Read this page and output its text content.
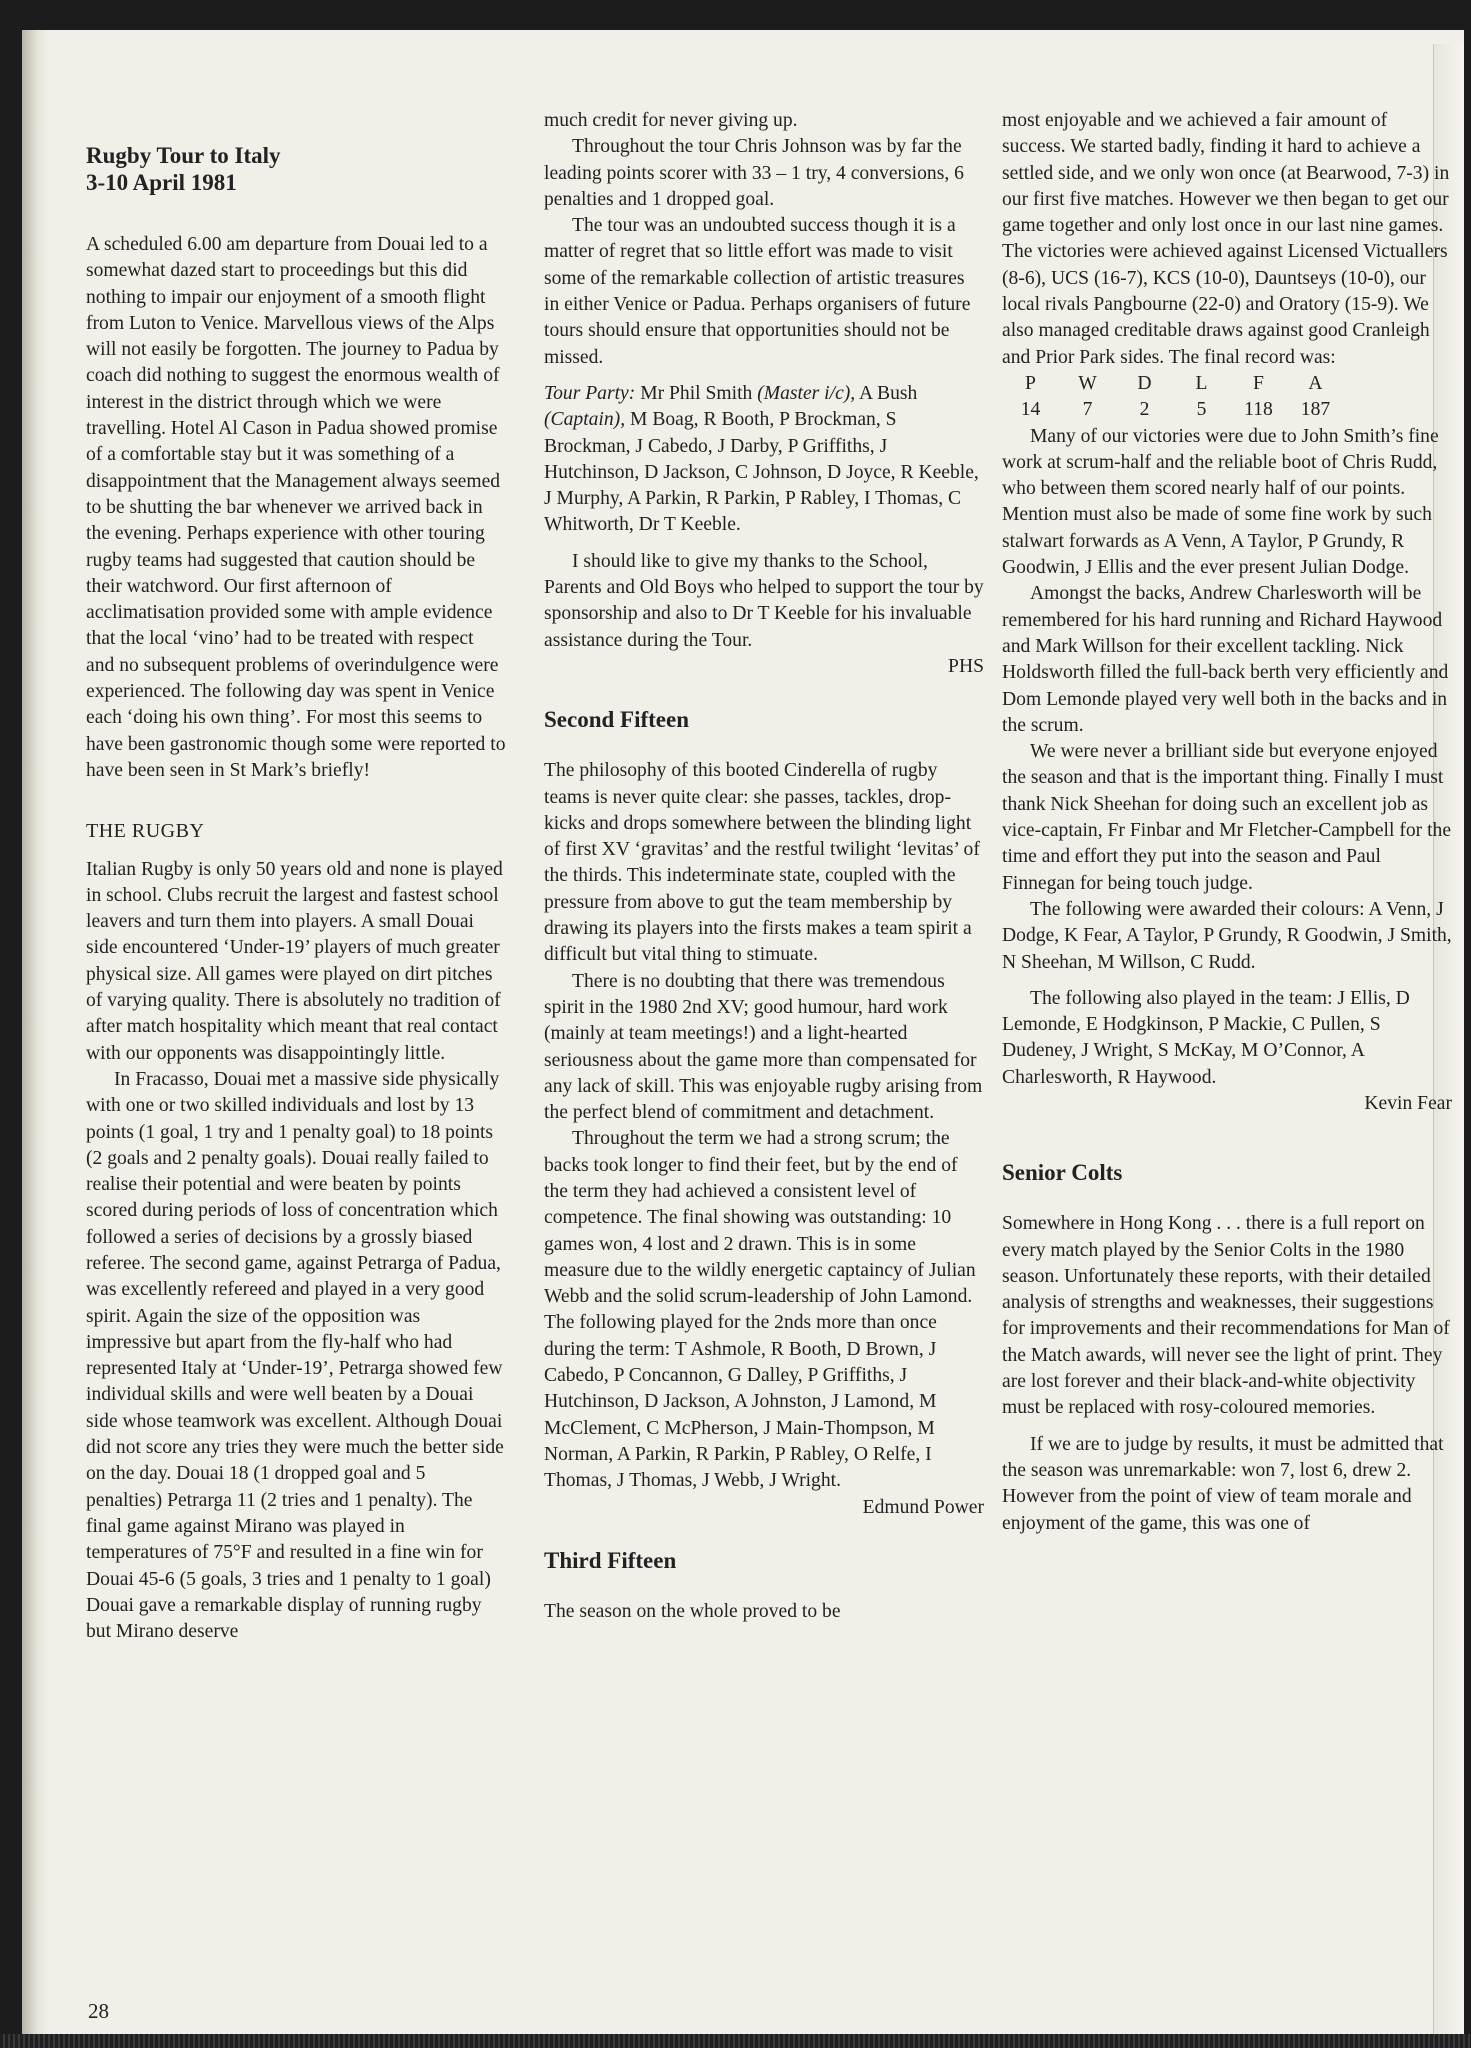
Rugby Tour to Italy
3-10 April 1981

A scheduled 6.00 am departure from Douai led to a somewhat dazed start to proceedings but this did nothing to impair our enjoyment of a smooth flight from Luton to Venice. Marvellous views of the Alps will not easily be forgotten. The journey to Padua by coach did nothing to suggest the enormous wealth of interest in the district through which we were travelling. Hotel Al Cason in Padua showed promise of a comfortable stay but it was something of a disappointment that the Management always seemed to be shutting the bar whenever we arrived back in the evening. Perhaps experience with other touring rugby teams had suggested that caution should be their watchword. Our first afternoon of acclimatisation provided some with ample evidence that the local ‘vino’ had to be treated with respect and no subsequent problems of overindulgence were experienced. The following day was spent in Venice each ‘doing his own thing’. For most this seems to have been gastronomic though some were reported to have been seen in St Mark’s briefly!

THE RUGBY

Italian Rugby is only 50 years old and none is played in school. Clubs recruit the largest and fastest school leavers and turn them into players. A small Douai side encountered ‘Under-19’ players of much greater physical size. All games were played on dirt pitches of varying quality. There is absolutely no tradition of after match hospitality which meant that real contact with our opponents was disappointingly little.

In Fracasso, Douai met a massive side physically with one or two skilled individuals and lost by 13 points (1 goal, 1 try and 1 penalty goal) to 18 points (2 goals and 2 penalty goals). Douai really failed to realise their potential and were beaten by points scored during periods of loss of concentration which followed a series of decisions by a grossly biased referee. The second game, against Petrarga of Padua, was excellently refereed and played in a very good spirit. Again the size of the opposition was impressive but apart from the fly-half who had represented Italy at ‘Under-19’, Petrarga showed few individual skills and were well beaten by a Douai side whose teamwork was excellent. Although Douai did not score any tries they were much the better side on the day. Douai 18 (1 dropped goal and 5 penalties) Petrarga 11 (2 tries and 1 penalty). The final game against Mirano was played in temperatures of 75°F and resulted in a fine win for Douai 45-6 (5 goals, 3 tries and 1 penalty to 1 goal) Douai gave a remarkable display of running rugby but Mirano deserve

much credit for never giving up.

Throughout the tour Chris Johnson was by far the leading points scorer with 33 – 1 try, 4 conversions, 6 penalties and 1 dropped goal.

The tour was an undoubted success though it is a matter of regret that so little effort was made to visit some of the remarkable collection of artistic treasures in either Venice or Padua. Perhaps organisers of future tours should ensure that opportunities should not be missed.

Tour Party: Mr Phil Smith (Master i/c), A Bush (Captain), M Boag, R Booth, P Brockman, S Brockman, J Cabedo, J Darby, P Griffiths, J Hutchinson, D Jackson, C Johnson, D Joyce, R Keeble, J Murphy, A Parkin, R Parkin, P Rabley, I Thomas, C Whitworth, Dr T Keeble.

I should like to give my thanks to the School, Parents and Old Boys who helped to support the tour by sponsorship and also to Dr T Keeble for his invaluable assistance during the Tour.

PHS

Second Fifteen

The philosophy of this booted Cinderella of rugby teams is never quite clear: she passes, tackles, drop-kicks and drops somewhere between the blinding light of first XV ‘gravitas’ and the restful twilight ‘levitas’ of the thirds. This indeterminate state, coupled with the pressure from above to gut the team membership by drawing its players into the firsts makes a team spirit a difficult but vital thing to stimuate.

There is no doubting that there was tremendous spirit in the 1980 2nd XV; good humour, hard work (mainly at team meetings!) and a light-hearted seriousness about the game more than compensated for any lack of skill. This was enjoyable rugby arising from the perfect blend of commitment and detachment.

Throughout the term we had a strong scrum; the backs took longer to find their feet, but by the end of the term they had achieved a consistent level of competence. The final showing was outstanding: 10 games won, 4 lost and 2 drawn. This is in some measure due to the wildly energetic captaincy of Julian Webb and the solid scrum-leadership of John Lamond. The following played for the 2nds more than once during the term: T Ashmole, R Booth, D Brown, J Cabedo, P Concannon, G Dalley, P Griffiths, J Hutchinson, D Jackson, A Johnston, J Lamond, M McClement, C McPherson, J Main-Thompson, M Norman, A Parkin, R Parkin, P Rabley, O Relfe, I Thomas, J Thomas, J Webb, J Wright.

Edmund Power

Third Fifteen

The season on the whole proved to be

most enjoyable and we achieved a fair amount of success. We started badly, finding it hard to achieve a settled side, and we only won once (at Bearwood, 7-3) in our first five matches. However we then began to get our game together and only lost once in our last nine games. The victories were achieved against Licensed Victuallers (8-6), UCS (16-7), KCS (10-0), Dauntseys (10-0), our local rivals Pangbourne (22-0) and Oratory (15-9). We also managed creditable draws against good Cranleigh and Prior Park sides. The final record was:

P	W	D	L	F	A
14	7	2	5	118	187

Many of our victories were due to John Smith’s fine work at scrum-half and the reliable boot of Chris Rudd, who between them scored nearly half of our points. Mention must also be made of some fine work by such stalwart forwards as A Venn, A Taylor, P Grundy, R Goodwin, J Ellis and the ever present Julian Dodge.

Amongst the backs, Andrew Charlesworth will be remembered for his hard running and Richard Haywood and Mark Willson for their excellent tackling. Nick Holdsworth filled the full-back berth very efficiently and Dom Lemonde played very well both in the backs and in the scrum.

We were never a brilliant side but everyone enjoyed the season and that is the important thing. Finally I must thank Nick Sheehan for doing such an excellent job as vice-captain, Fr Finbar and Mr Fletcher-Campbell for the time and effort they put into the season and Paul Finnegan for being touch judge.

The following were awarded their colours: A Venn, J Dodge, K Fear, A Taylor, P Grundy, R Goodwin, J Smith, N Sheehan, M Willson, C Rudd.

The following also played in the team: J Ellis, D Lemonde, E Hodgkinson, P Mackie, C Pullen, S Dudeney, J Wright, S McKay, M O’Connor, A Charlesworth, R Haywood.

Kevin Fear

Senior Colts

Somewhere in Hong Kong . . . there is a full report on every match played by the Senior Colts in the 1980 season. Unfortunately these reports, with their detailed analysis of strengths and weaknesses, their suggestions for improvements and their recommendations for Man of the Match awards, will never see the light of print. They are lost forever and their black-and-white objectivity must be replaced with rosy-coloured memories.

If we are to judge by results, it must be admitted that the season was unremarkable: won 7, lost 6, drew 2. However from the point of view of team morale and enjoyment of the game, this was one of

28
